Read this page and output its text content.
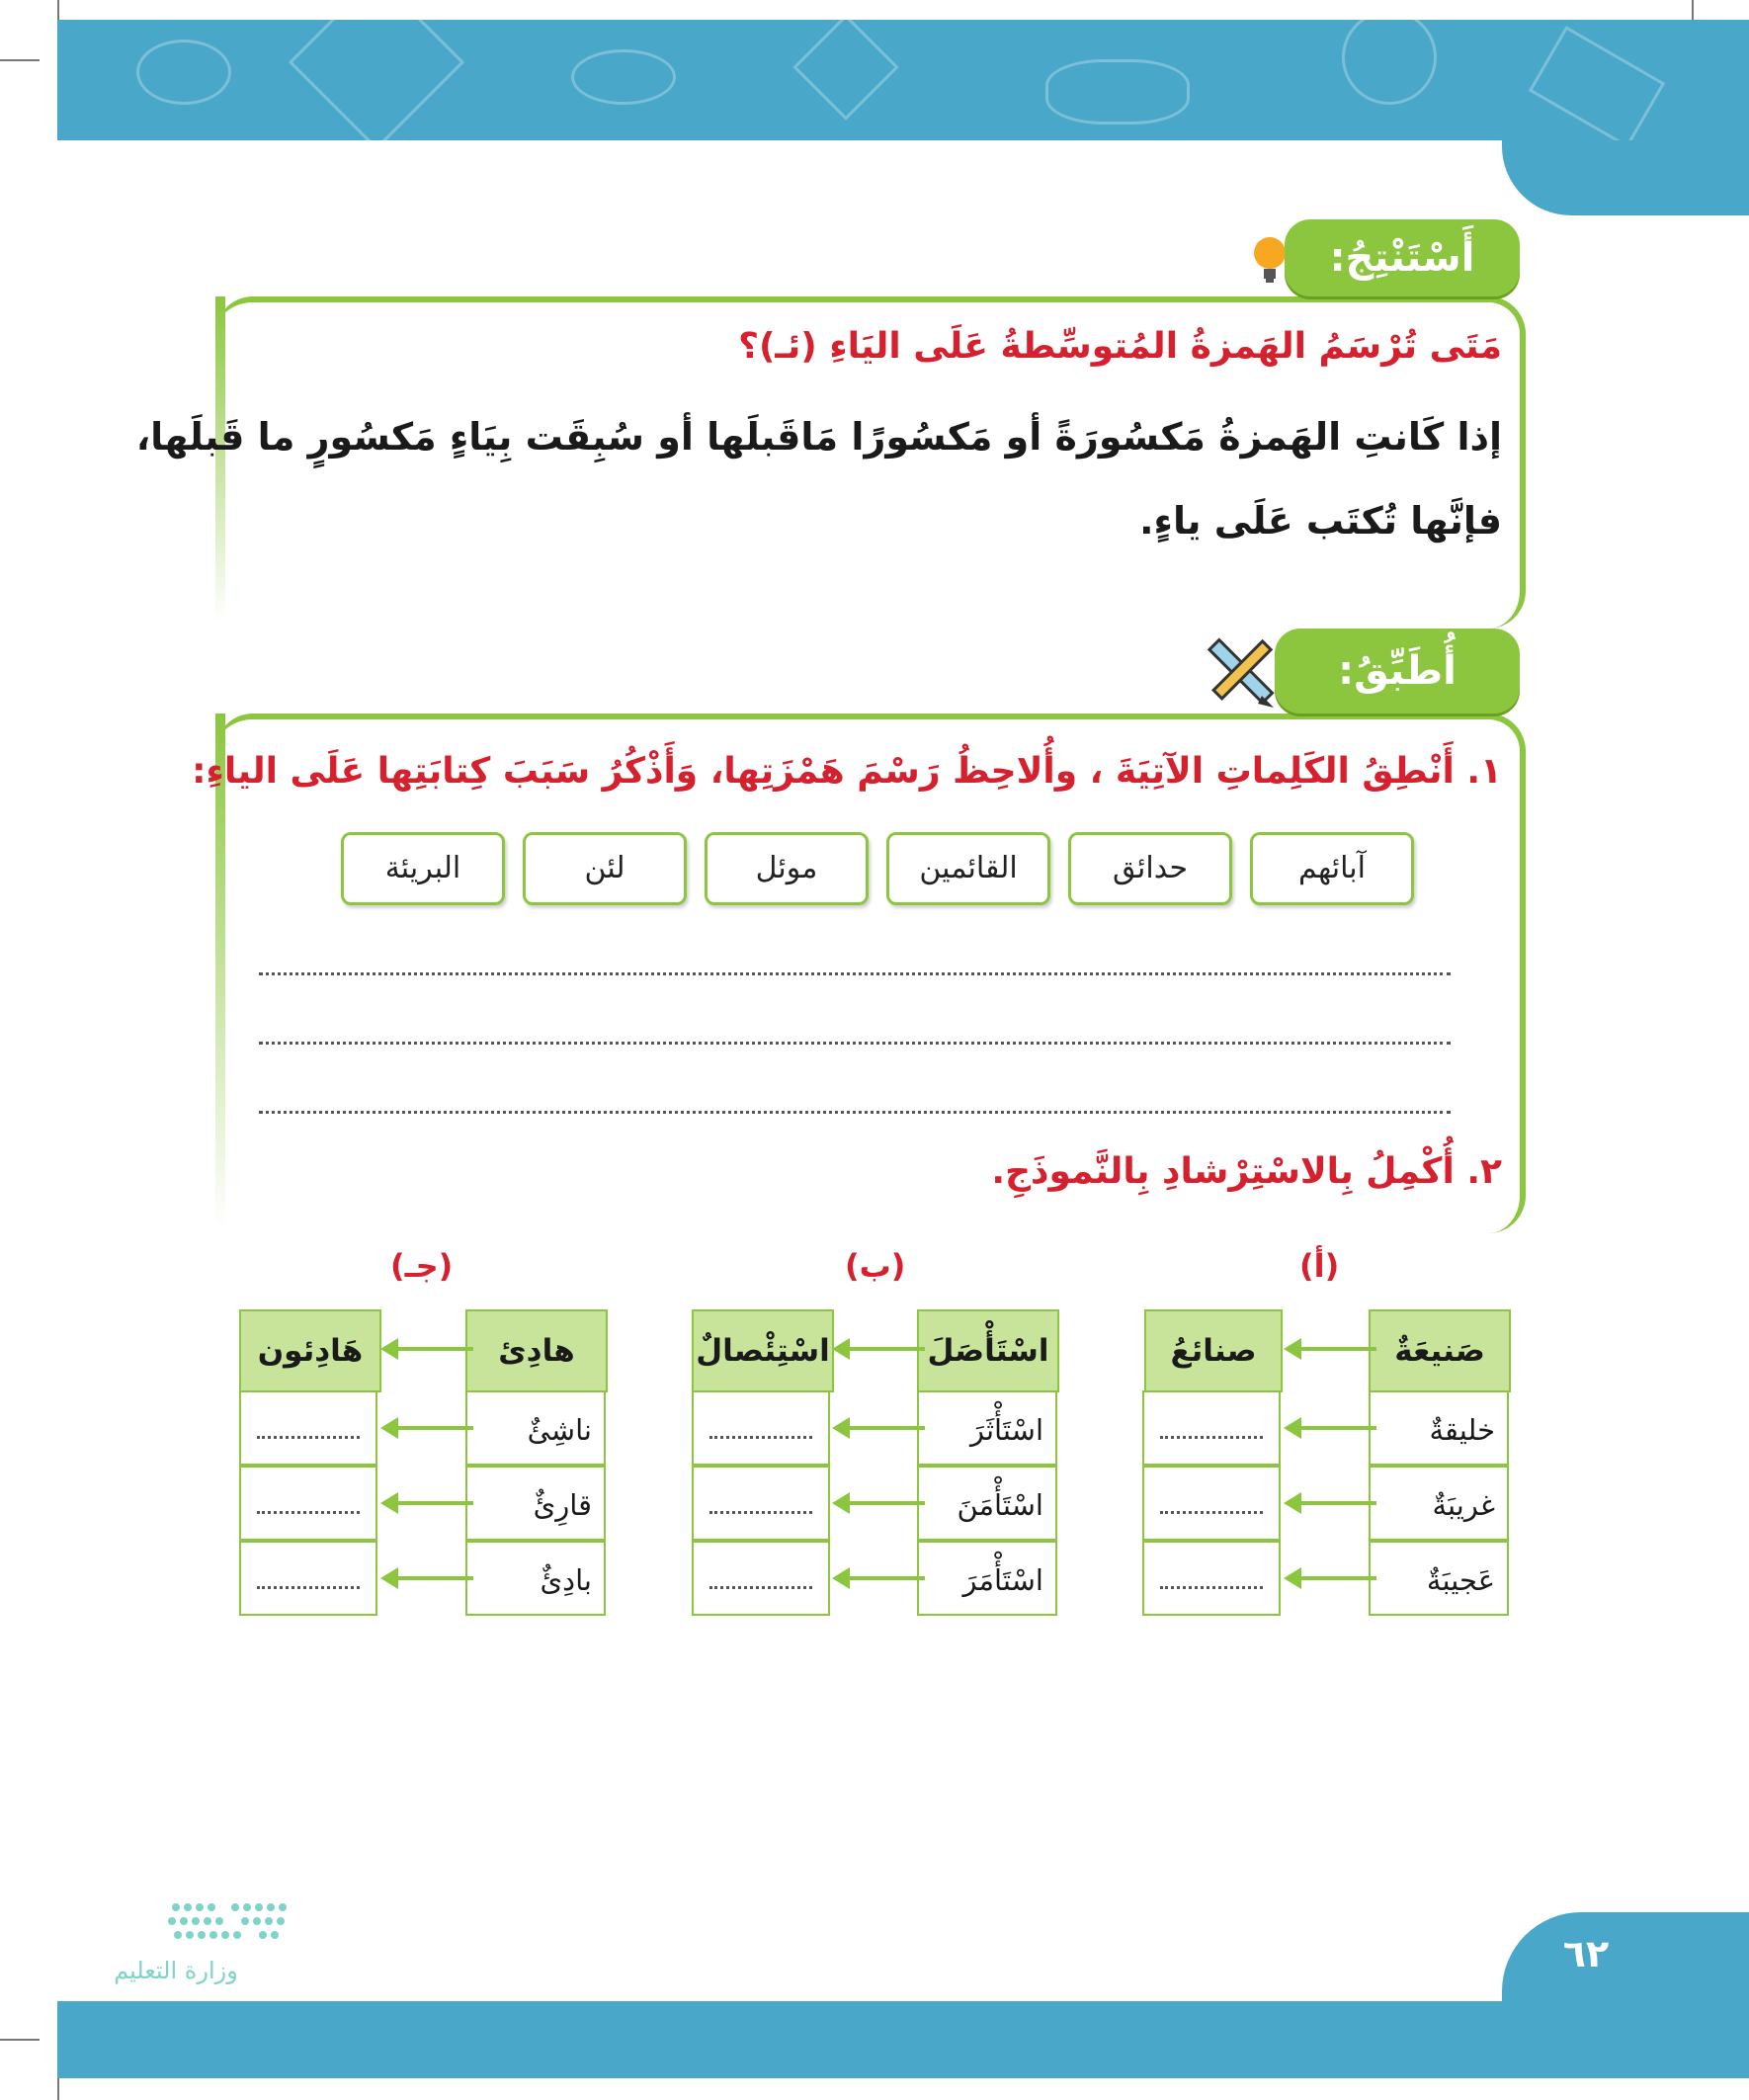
أَسْتَنْتِجُ:
مَتَى تُرْسَمُ الهَمزةُ المُتوسِّطةُ عَلَى اليَاءِ (ئـ)؟
إذا كَانتِ الهَمزةُ مَكسُورَةً أو مَكسُورًا مَاقَبلَها أو سُبِقَت بِيَاءٍ مَكسُورٍ ما قَبلَها،
فإنَّها تُكتَب عَلَى ياءٍ.
أُطَبِّقُ:
١. أَنْطِقُ الكَلِماتِ الآتِيَةَ ، وأُلاحِظُ رَسْمَ هَمْزَتِها، وَأَذْكُرُ سَبَبَ كِتابَتِها عَلَى الياءِ:
آبائهم
حدائق
القائمين
موئل
لئن
البريئة
٢. أُكْمِلُ بِالاسْتِرْشادِ بِالنَّموذَجِ.
(أ)
صَنيعَةٌ
صنائعُ
خليقةٌ
غريبَةٌ
عَجيبَةٌ
(ب)
اسْتَأْصَلَ
اسْتِئْصالٌ
اسْتَأْثَرَ
اسْتَأْمَنَ
اسْتَأْمَرَ
(جـ)
هادِئ
هَادِئون
ناشِئٌ
قارِئٌ
بادِئٌ
٦٢
وزارة التعليم
